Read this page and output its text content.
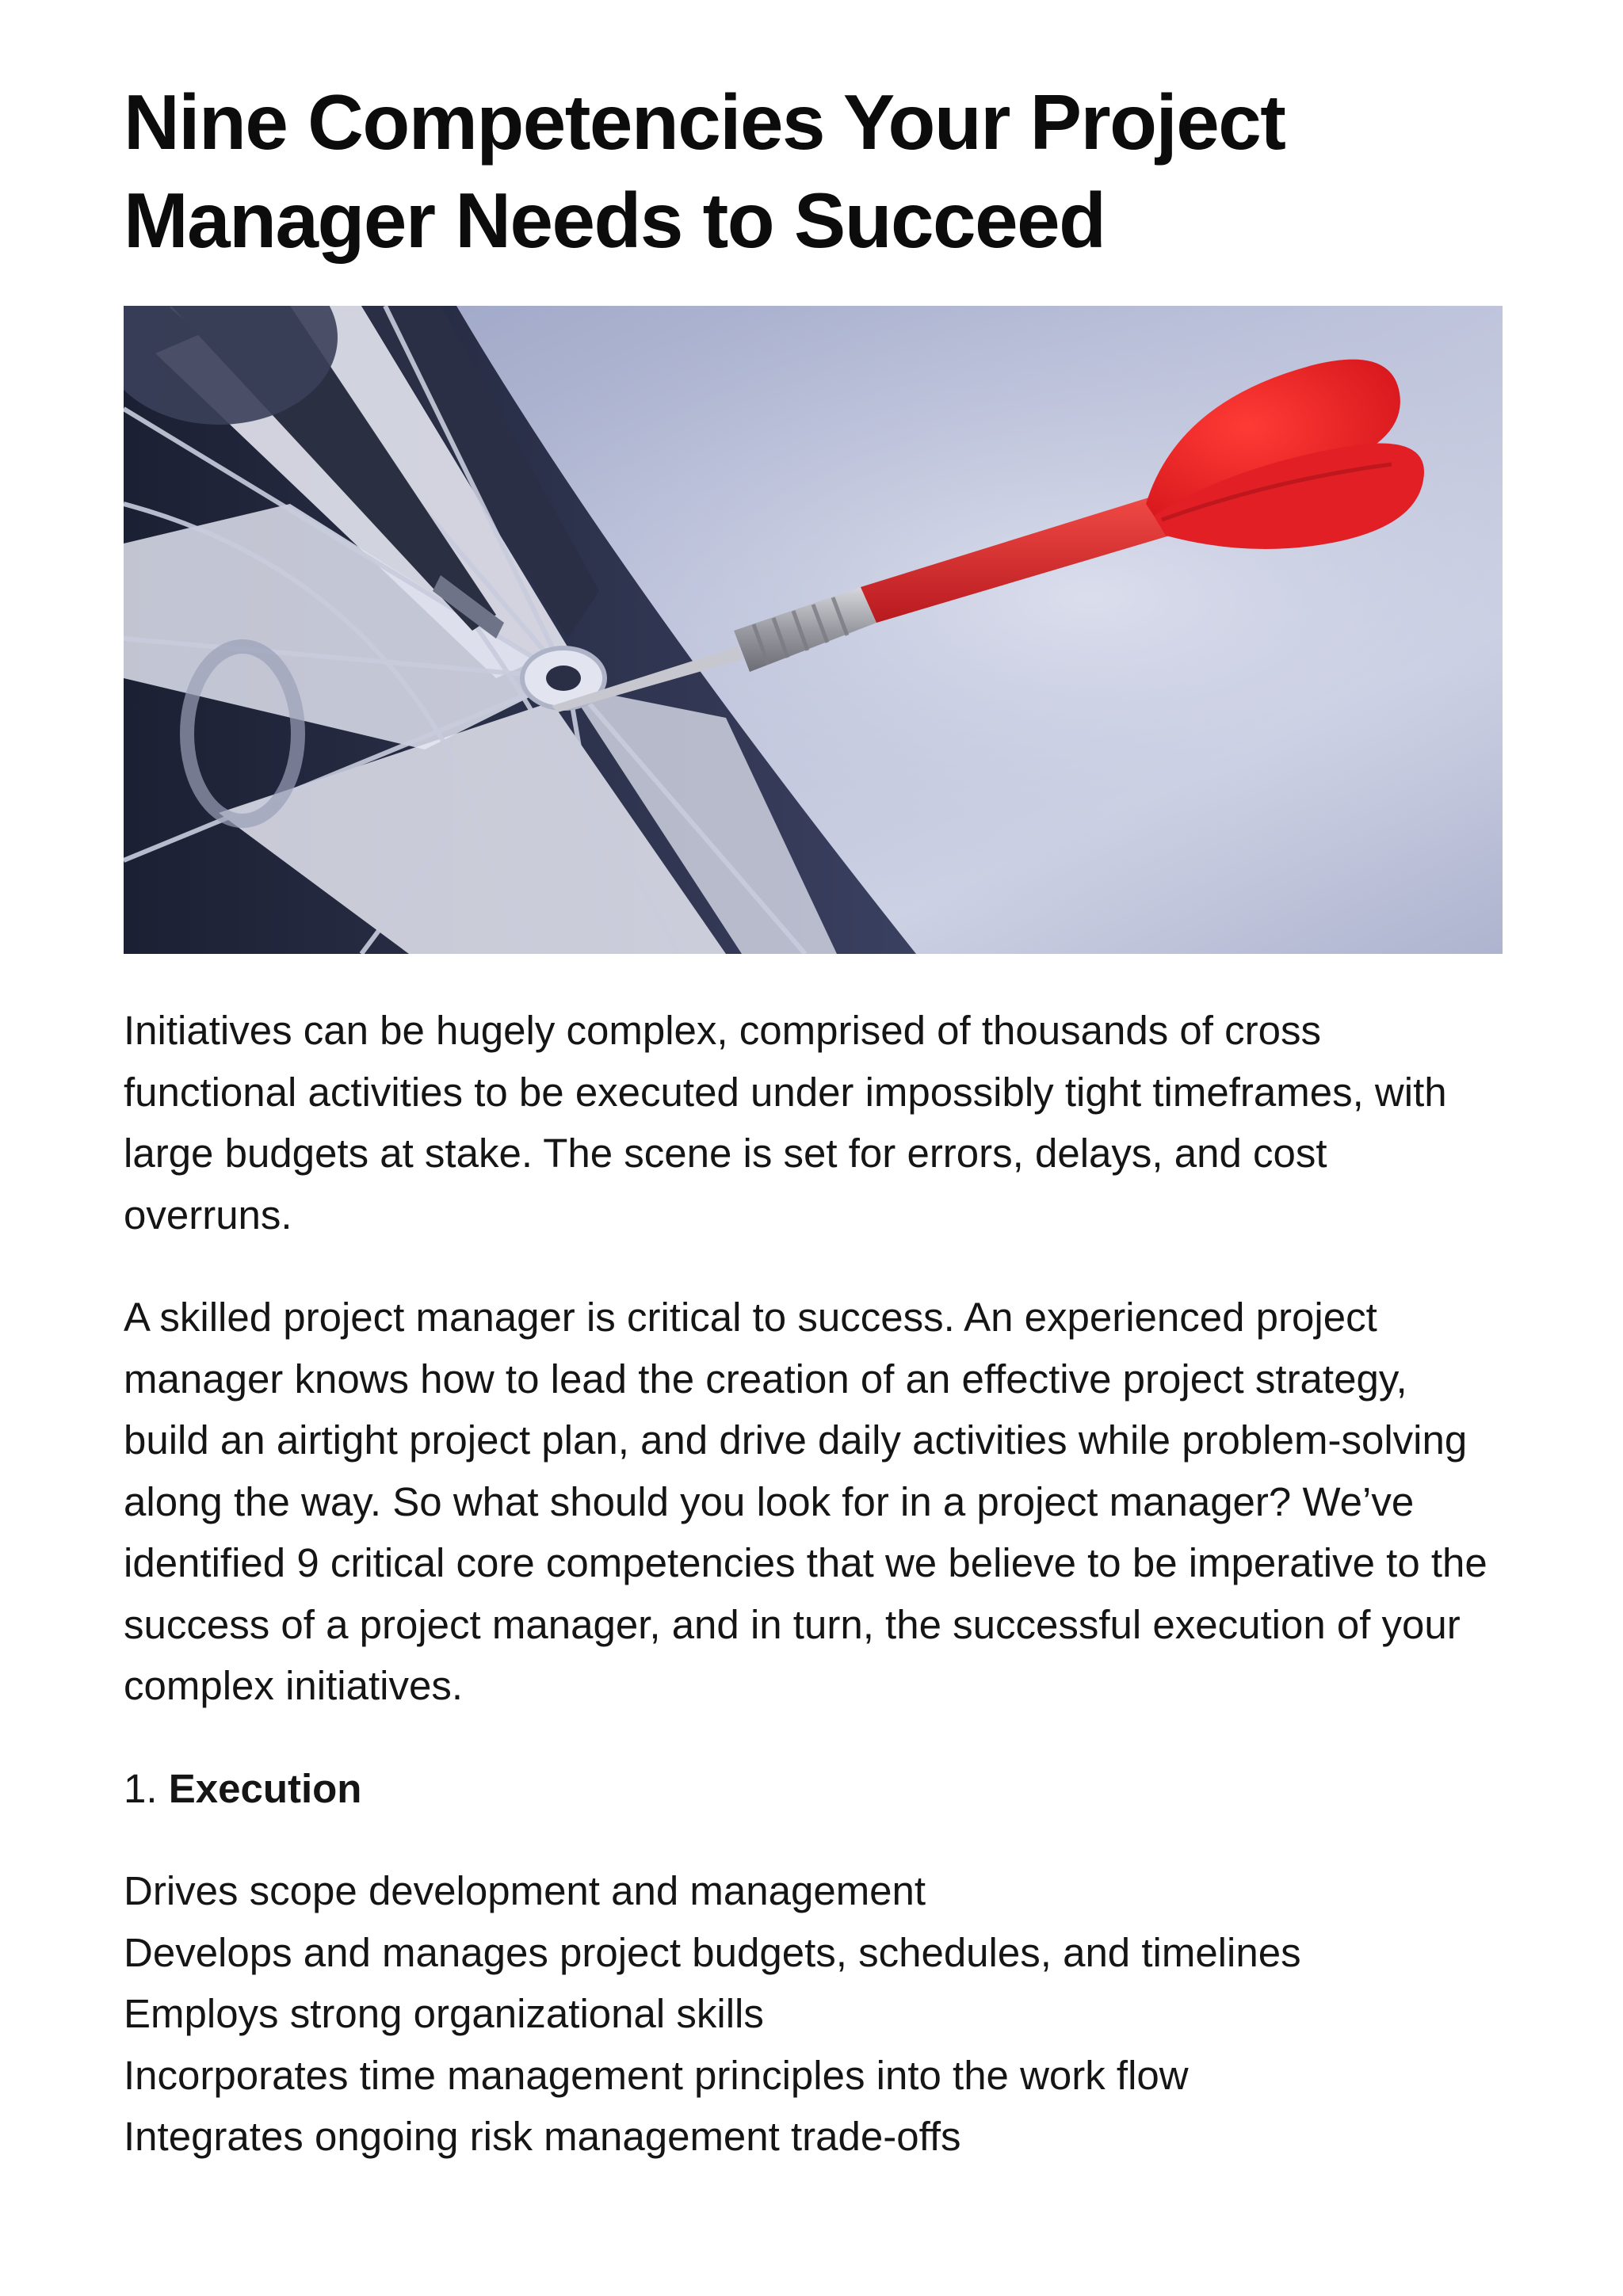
Nine Competencies Your Project Manager Needs to Succeed

Initiatives can be hugely complex, comprised of thousands of cross functional activities to be executed under impossibly tight timeframes, with large budgets at stake. The scene is set for errors, delays, and cost overruns.

A skilled project manager is critical to success. An experienced project manager knows how to lead the creation of an effective project strategy, build an airtight project plan, and drive daily activities while problem-solving along the way. So what should you look for in a project manager? We’ve identified 9 critical core competencies that we believe to be imperative to the success of a project manager, and in turn, the successful execution of your complex initiatives.

1. Execution
Drives scope development and management
Develops and manages project budgets, schedules, and timelines
Employs strong organizational skills
Incorporates time management principles into the work flow
Integrates ongoing risk management trade-offs
